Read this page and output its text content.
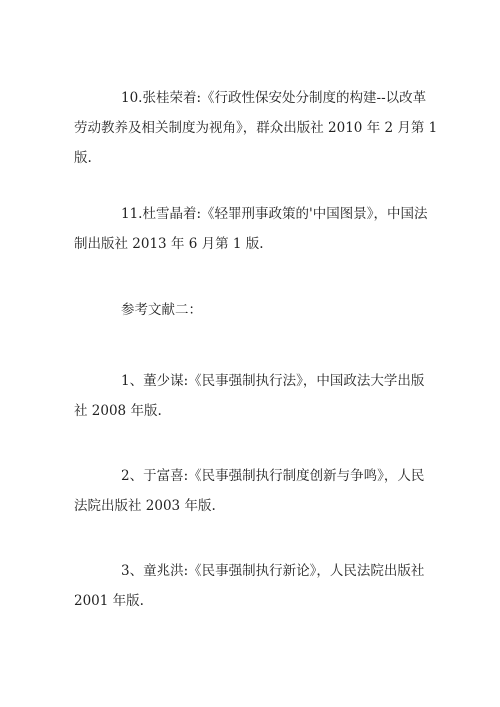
10.张桂荣着:《行政性保安处分制度的构建--以改革
劳动教养及相关制度为视角》，群众出版社 2010 年 2 月第 1
版.
11.杜雪晶着:《轻罪刑事政策的'中国图景》，中国法
制出版社 2013 年 6 月第 1 版.
参考文献二：
1、董少谋:《民事强制执行法》，中国政法大学出版
社 2008 年版.
2、于富喜:《民事强制执行制度创新与争鸣》，人民
法院出版社 2003 年版.
3、童兆洪:《民事强制执行新论》，人民法院出版社
2001 年版.
